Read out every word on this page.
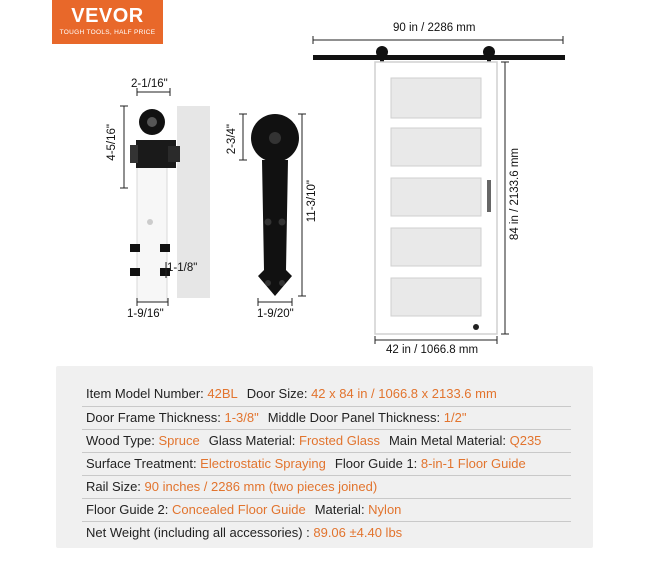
VEVOR
TOUGH TOOLS, HALF PRICE
2-1/16"
4-5/16"
1-1/8"
1-9/16"
2-3/4"
11-3/10"
1-9/20"
90 in / 2286 mm
84 in / 2133.6 mm
42 in / 1066.8 mm
Item Model Number: 42BL Door Size: 42 x 84 in / 1066.8 x 2133.6 mm
Door Frame Thickness: 1-3/8" Middle Door Panel Thickness: 1/2"
Wood Type: Spruce Glass Material: Frosted Glass Main Metal Material: Q235
Surface Treatment: Electrostatic Spraying Floor Guide 1: 8-in-1 Floor Guide
Rail Size: 90 inches / 2286 mm (two pieces joined)
Floor Guide 2: Concealed Floor Guide Material: Nylon
Net Weight (including all accessories) : 89.06 ±4.40 lbs
